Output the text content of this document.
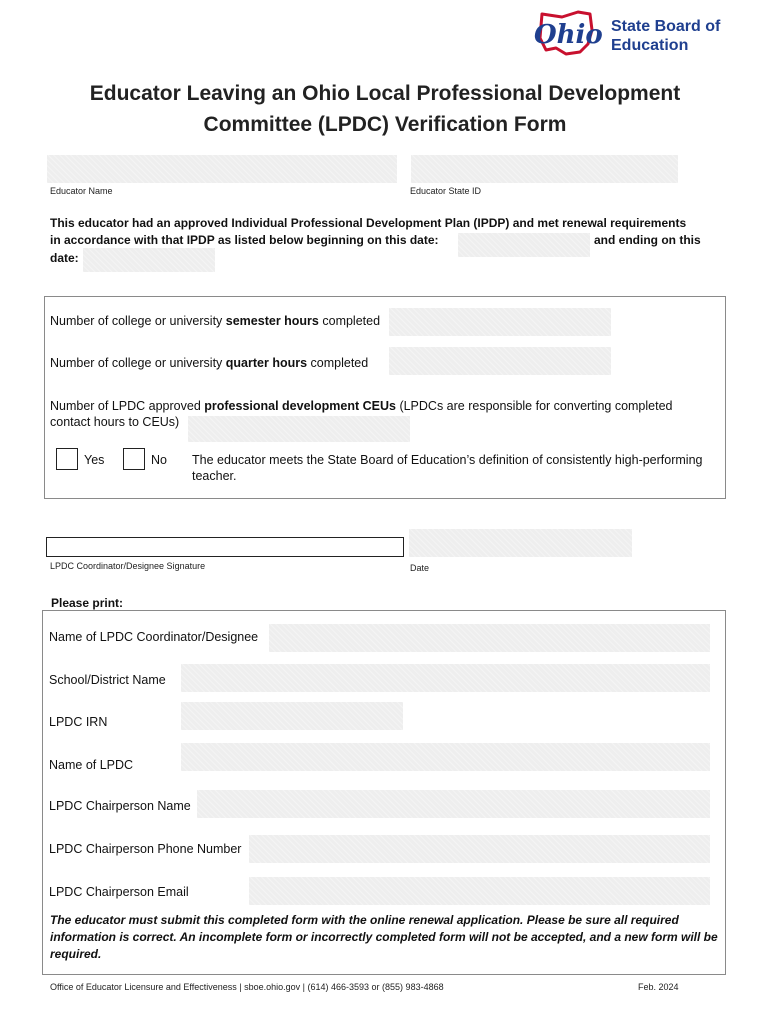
Ohio State Board of
Education
Educator Leaving an Ohio Local Professional Development
Committee (LPDC) Verification Form
Educator Name	Educator State ID
This educator had an approved Individual Professional Development Plan (IPDP) and met renewal requirements
in accordance with that IPDP as listed below beginning on this date:	and ending on this
date:
Number of college or university semester hours completed
Number of college or university quarter hours completed
Number of LPDC approved professional development CEUs (LPDCs are responsible for converting completed
contact hours to CEUs)
Yes	No The educator meets the State Board of Education’s definition of consistently high-performing
teacher.
LPDC Coordinator/Designee Signature	Date
Please print:
Name of LPDC Coordinator/Designee
School/District Name
LPDC IRN
Name of LPDC
LPDC Chairperson Name
LPDC Chairperson Phone Number
LPDC Chairperson Email
The educator must submit this completed form with the online renewal application. Please be sure all required information is correct. An incomplete form or incorrectly completed form will not be accepted, and a new form will be required.
Office of Educator Licensure and Effectiveness | sboe.ohio.gov | (614) 466-3593 or (855) 983-4868	Feb. 2024
